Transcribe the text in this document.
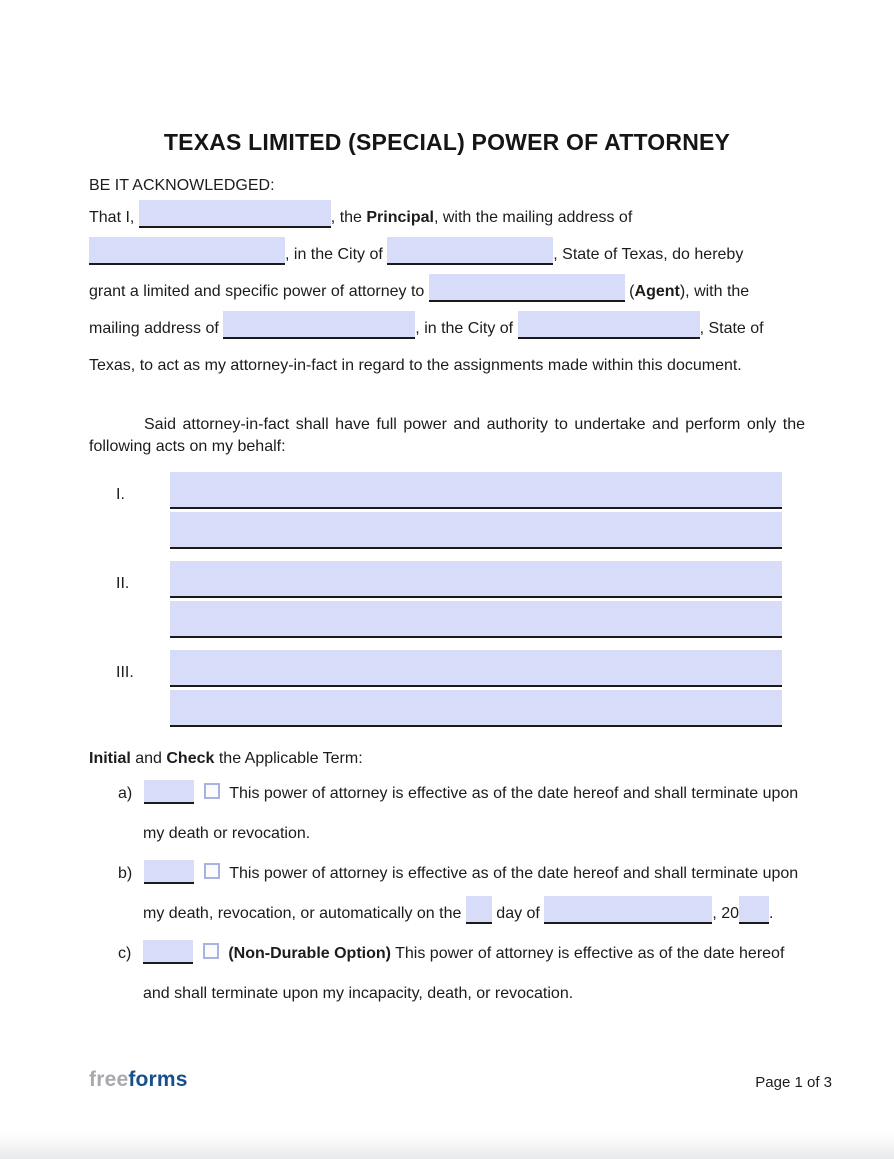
TEXAS LIMITED (SPECIAL) POWER OF ATTORNEY
BE IT ACKNOWLEDGED:
That I,	, the Principal, with the mailing address of
, in the City of	, State of Texas, do hereby
grant a limited and specific power of attorney to	(Agent), with the
mailing address of	, in the City of	, State of
Texas, to act as my attorney-in-fact in regard to the assignments made within this document.
Said attorney-in-fact shall have full power and authority to undertake and perform only the
following acts on my behalf:
I.
II.
III.
Initial and Check the Applicable Term:
a)	This power of attorney is effective as of the date hereof and shall terminate upon
my death or revocation.
b)	This power of attorney is effective as of the date hereof and shall terminate upon
my death, revocation, or automatically on the  day of	, 20 .
c)	(Non-Durable Option) This power of attorney is effective as of the date hereof
and shall terminate upon my incapacity, death, or revocation.
freeforms	Page 1 of 3
